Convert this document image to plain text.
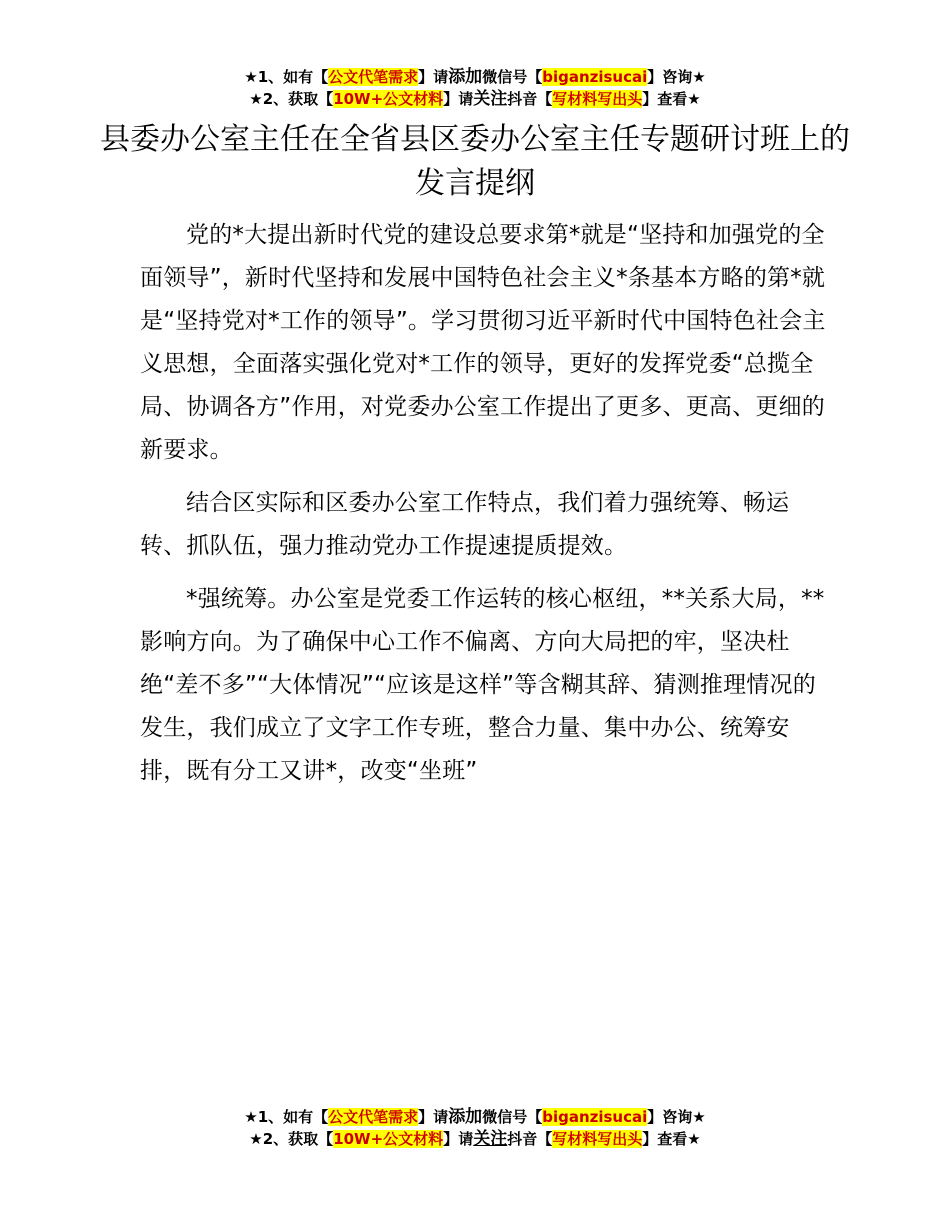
★1、如有【公文代笔需求】请添加微信号【biganzisucai】咨询★
★2、获取【10W+公文材料】请关注抖音【写材料写出头】查看★
县委办公室主任在全省县区委办公室主任专题研讨班上的发言提纲

党的*大提出新时代党的建设总要求第*就是“坚持和加强党的全面领导”，新时代坚持和发展中国特色社会主义*条基本方略的第*就是“坚持党对*工作的领导”。学习贯彻习近平新时代中国特色社会主义思想，全面落实强化党对*工作的领导，更好的发挥党委“总揽全局、协调各方”作用，对党委办公室工作提出了更多、更高、更细的新要求。

结合区实际和区委办公室工作特点，我们着力强统筹、畅运转、抓队伍，强力推动党办工作提速提质提效。

*强统筹。办公室是党委工作运转的核心枢纽，**关系大局，**影响方向。为了确保中心工作不偏离、方向大局把的牢，坚决杜绝“差不多”“大体情况”“应该是这样”等含糊其辞、猜测推理情况的发生，我们成立了文字工作专班，整合力量、集中办公、统筹安排，既有分工又讲*，改变“坐班”

★1、如有【公文代笔需求】请添加微信号【biganzisucai】咨询★
★2、获取【10W+公文材料】请关注抖音【写材料写出头】查看★
